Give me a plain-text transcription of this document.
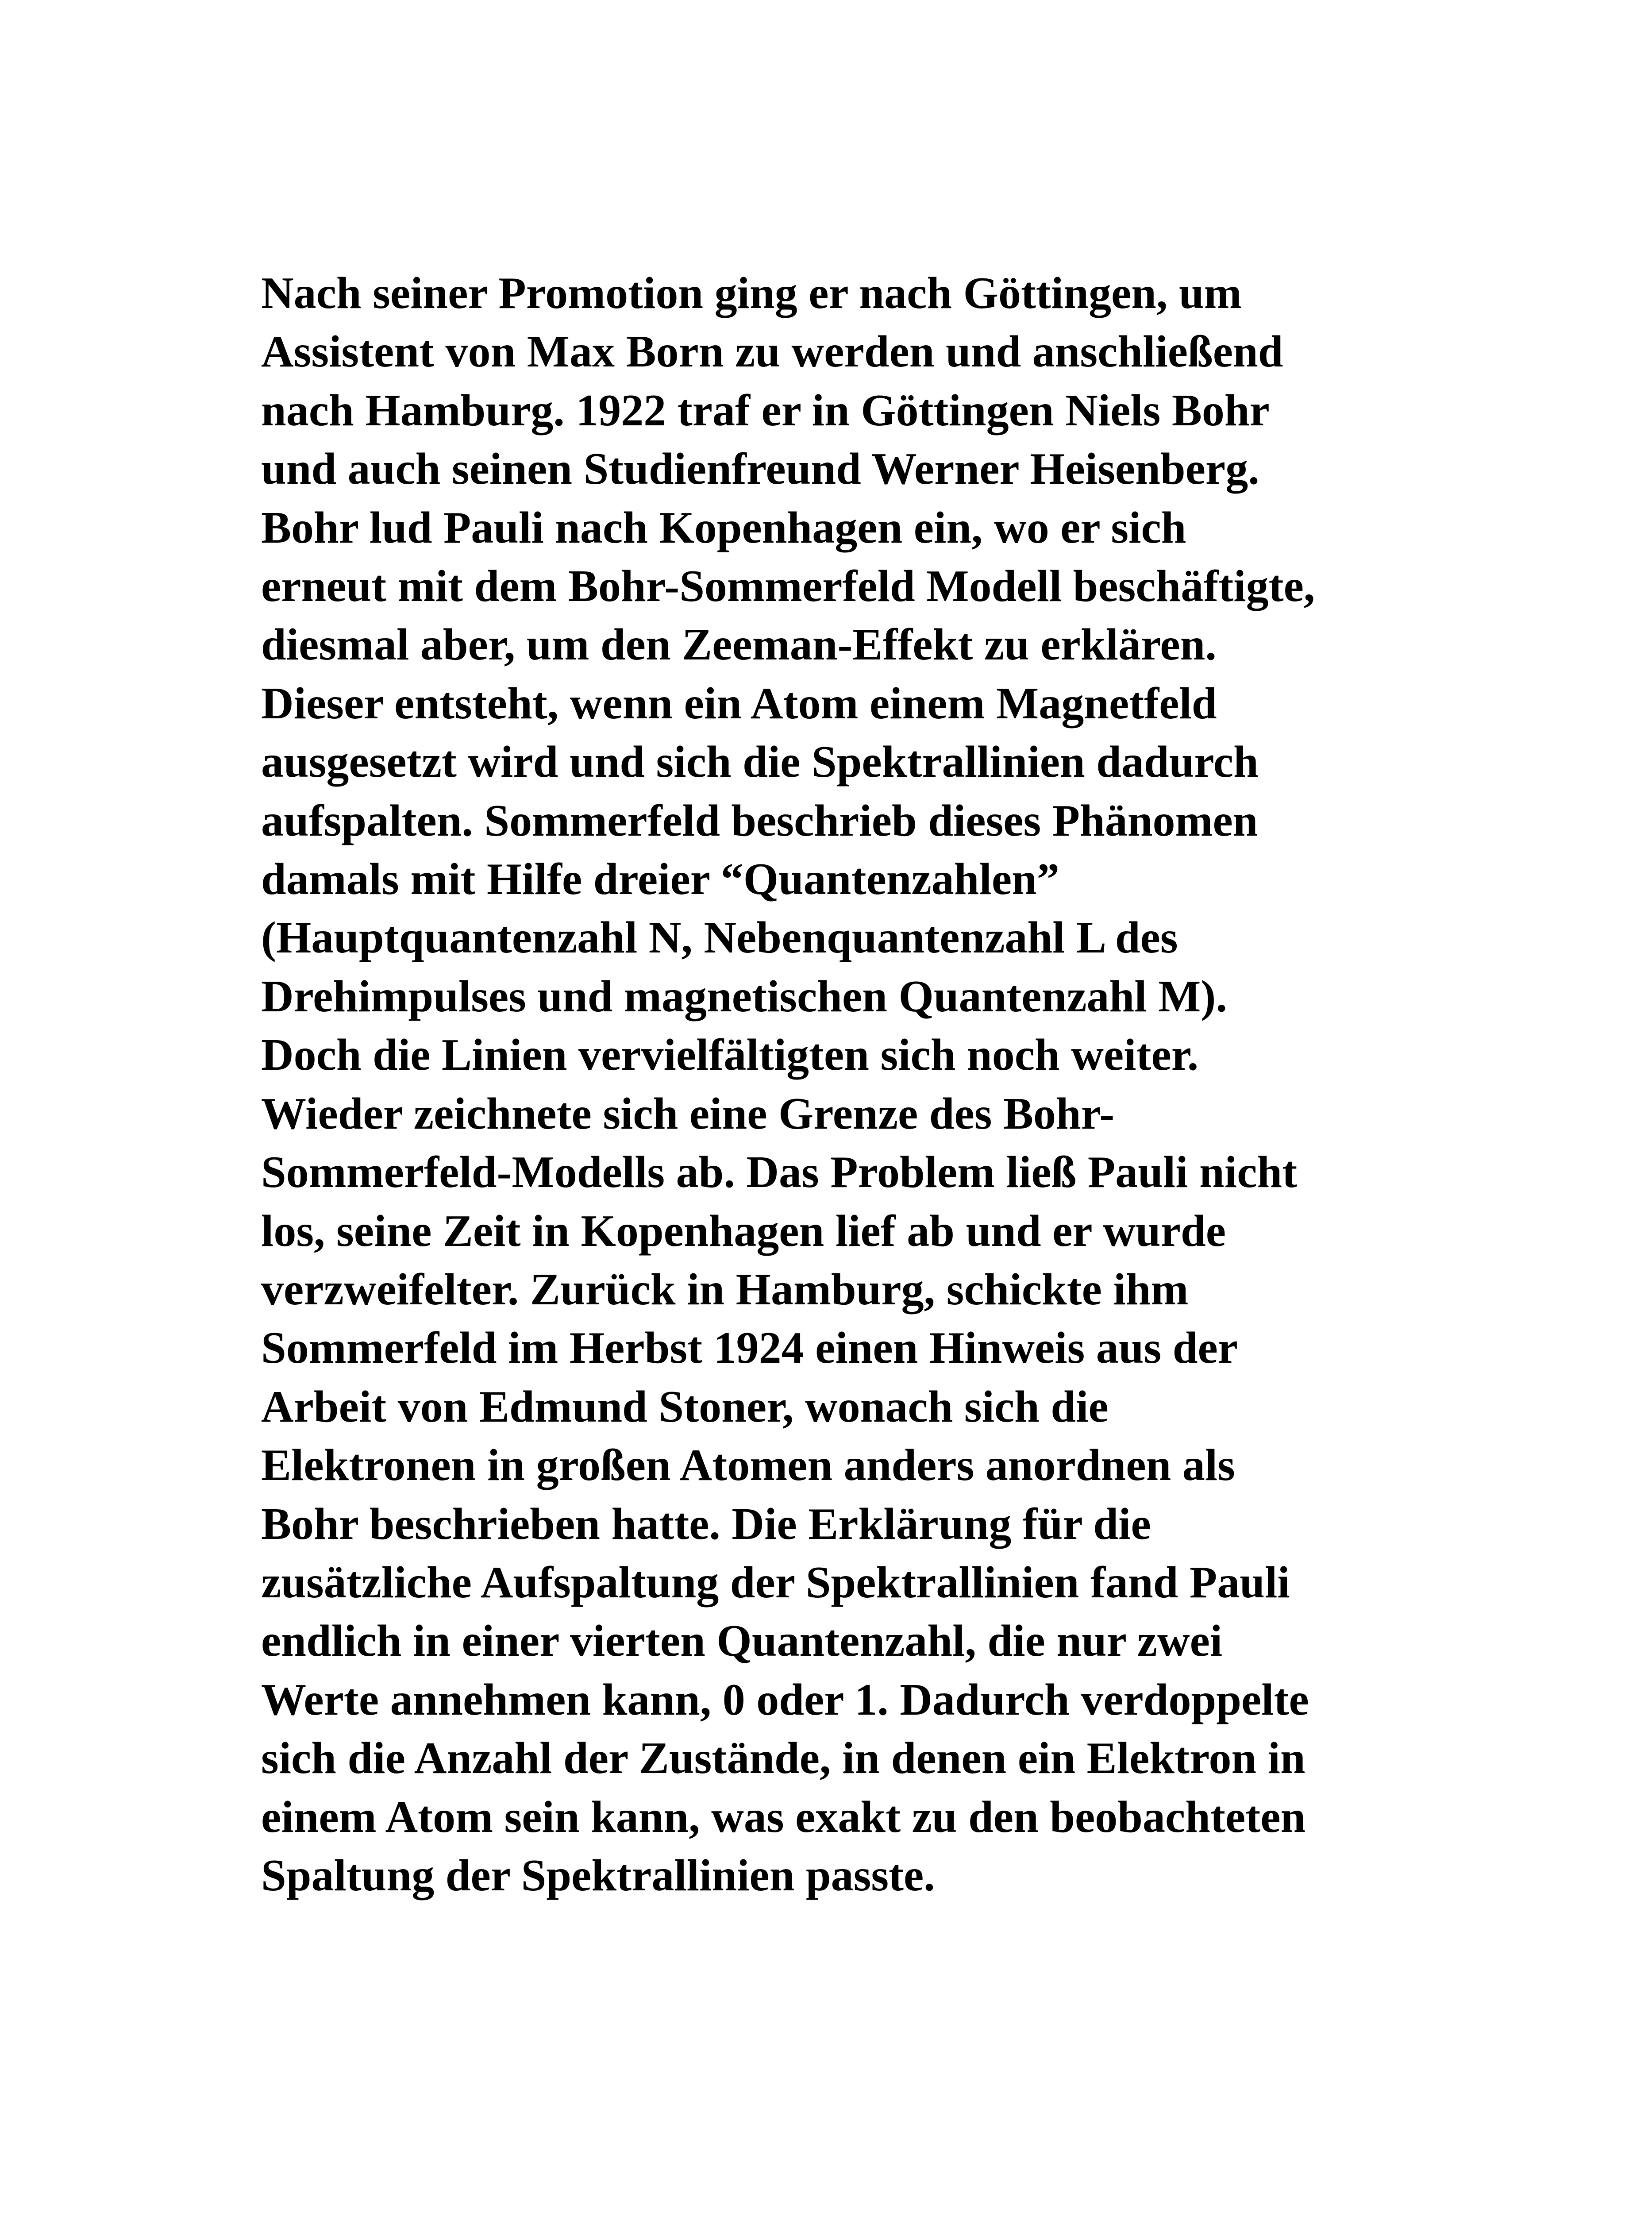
Nach seiner Promotion ging er nach Göttingen, um
Assistent von Max Born zu werden und anschließend
nach Hamburg. 1922 traf er in Göttingen Niels Bohr
und auch seinen Studienfreund Werner Heisenberg.
Bohr lud Pauli nach Kopenhagen ein, wo er sich
erneut mit dem Bohr-Sommerfeld Modell beschäftigte,
diesmal aber, um den Zeeman-Effekt zu erklären.
Dieser entsteht, wenn ein Atom einem Magnetfeld
ausgesetzt wird und sich die Spektrallinien dadurch
aufspalten. Sommerfeld beschrieb dieses Phänomen
damals mit Hilfe dreier “Quantenzahlen”
(Hauptquantenzahl N, Nebenquantenzahl L des
Drehimpulses und magnetischen Quantenzahl M).
Doch die Linien vervielfältigten sich noch weiter.
Wieder zeichnete sich eine Grenze des Bohr-
Sommerfeld-Modells ab. Das Problem ließ Pauli nicht
los, seine Zeit in Kopenhagen lief ab und er wurde
verzweifelter. Zurück in Hamburg, schickte ihm
Sommerfeld im Herbst 1924 einen Hinweis aus der
Arbeit von Edmund Stoner, wonach sich die
Elektronen in großen Atomen anders anordnen als
Bohr beschrieben hatte. Die Erklärung für die
zusätzliche Aufspaltung der Spektrallinien fand Pauli
endlich in einer vierten Quantenzahl, die nur zwei
Werte annehmen kann, 0 oder 1. Dadurch verdoppelte
sich die Anzahl der Zustände, in denen ein Elektron in
einem Atom sein kann, was exakt zu den beobachteten
Spaltung der Spektrallinien passte.
